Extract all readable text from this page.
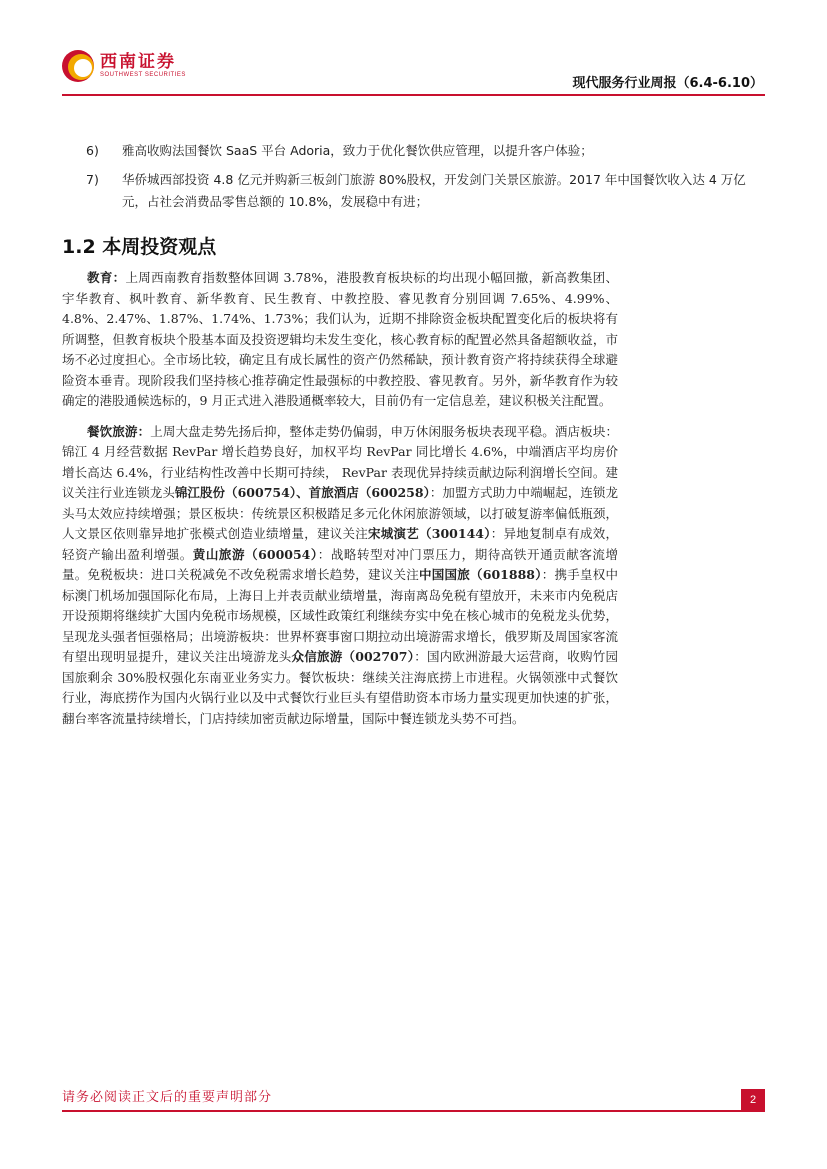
西南证券
SOUTHWEST SECURITIES
现代服务行业周报（6.4-6.10）
6)	雅高收购法国餐饮 SaaS 平台 Adoria，致力于优化餐饮供应管理，以提升客户体验；
7)	华侨城西部投资 4.8 亿元并购新三板剑门旅游 80%股权，开发剑门关景区旅游。2017 年中国餐饮收入达 4 万亿元，占社会消费品零售总额的 10.8%，发展稳中有进；
1.2 本周投资观点

教育：上周西南教育指数整体回调 3.78%，港股教育板块标的均出现小幅回撤，新高教集团、宇华教育、枫叶教育、新华教育、民生教育、中教控股、睿见教育分别回调 7.65%、4.99%、4.8%、2.47%、1.87%、1.74%、1.73%；我们认为，近期不排除资金板块配置变化后的板块将有所调整，但教育板块个股基本面及投资逻辑均未发生变化，核心教育标的配置必然具备超额收益，市场不必过度担心。全市场比较，确定且有成长属性的资产仍然稀缺，预计教育资产将持续获得全球避险资本垂青。现阶段我们坚持核心推荐确定性最强标的中教控股、睿见教育。另外，新华教育作为较确定的港股通候选标的，9 月正式进入港股通概率较大，目前仍有一定信息差，建议积极关注配置。

餐饮旅游：上周大盘走势先扬后抑，整体走势仍偏弱，申万休闲服务板块表现平稳。酒店板块：锦江 4 月经营数据 RevPar 增长趋势良好，加权平均 RevPar 同比增长 4.6%，中端酒店平均房价增长高达 6.4%，行业结构性改善中长期可持续， RevPar 表现优异持续贡献边际利润增长空间。建议关注行业连锁龙头锦江股份（600754）、首旅酒店（600258）：加盟方式助力中端崛起，连锁龙头马太效应持续增强；景区板块：传统景区积极踏足多元化休闲旅游领域，以打破复游率偏低瓶颈，人文景区依则靠异地扩张模式创造业绩增量，建议关注宋城演艺（300144）：异地复制卓有成效，轻资产输出盈利增强。黄山旅游（600054）：战略转型对冲门票压力，期待高铁开通贡献客流增量。免税板块：进口关税减免不改免税需求增长趋势，建议关注中国国旅（601888）：携手皇权中标澳门机场加强国际化布局，上海日上并表贡献业绩增量，海南离岛免税有望放开，未来市内免税店开设预期将继续扩大国内免税市场规模，区域性政策红利继续夯实中免在核心城市的免税龙头优势，呈现龙头强者恒强格局；出境游板块：世界杯赛事窗口期拉动出境游需求增长，俄罗斯及周国家客流有望出现明显提升，建议关注出境游龙头众信旅游（002707）：国内欧洲游最大运营商，收购竹园国旅剩余 30%股权强化东南亚业务实力。餐饮板块：继续关注海底捞上市进程。火锅领涨中式餐饮行业，海底捞作为国内火锅行业以及中式餐饮行业巨头有望借助资本市场力量实现更加快速的扩张，翻台率客流量持续增长，门店持续加密贡献边际增量，国际中餐连锁龙头势不可挡。

请务必阅读正文后的重要声明部分	2
